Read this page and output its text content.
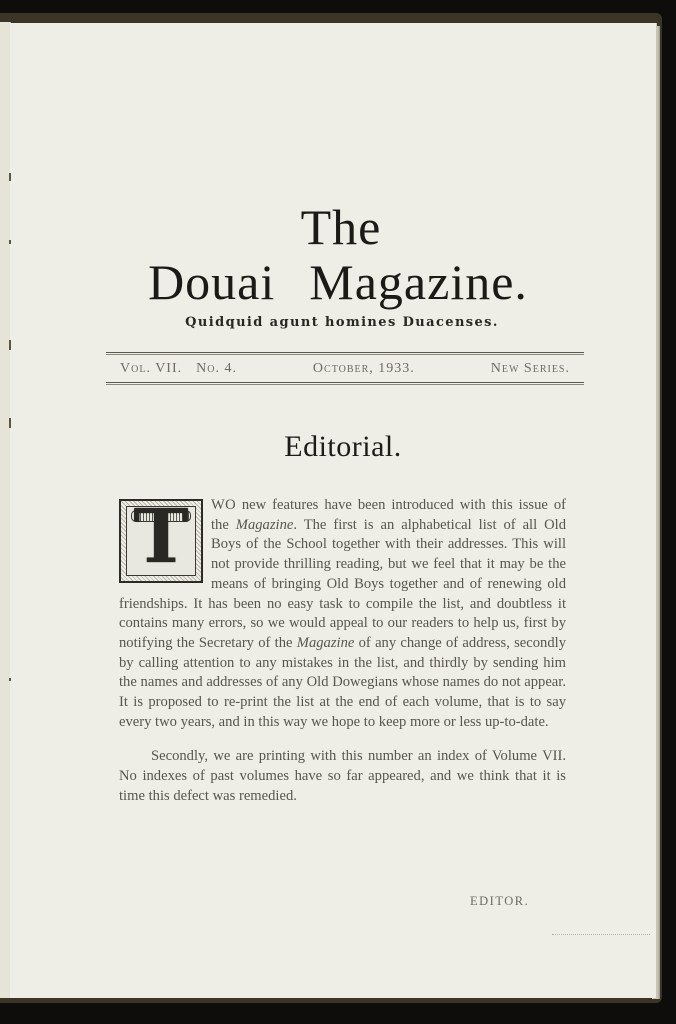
The
Douai Magazine.
Quidquid agunt homines Duacenses.
Vol. VII. No. 4.	October, 1933.	New Series.
Editorial.

T	WO new features have been introduced with this issue of the Magazine. The first is an alphabetical list of all Old Boys of the School together with their addresses. This will not provide thrilling reading, but we feel that it may be the means of bringing Old Boys together and of renewing old friendships. It has been no easy task to compile the list, and doubtless it contains many errors, so we would appeal to our readers to help us, first by notifying the Secretary of the Magazine of any change of address, secondly by calling attention to any mistakes in the list, and thirdly by sending him the names and addresses of any Old Dowegians whose names do not appear. It is proposed to re-print the list at the end of each volume, that is to say every two years, and in this way we hope to keep more or less up-to-date.

Secondly, we are printing with this number an index of Volume VII. No indexes of past volumes have so far appeared, and we think that it is time this defect was remedied.

EDITOR.
